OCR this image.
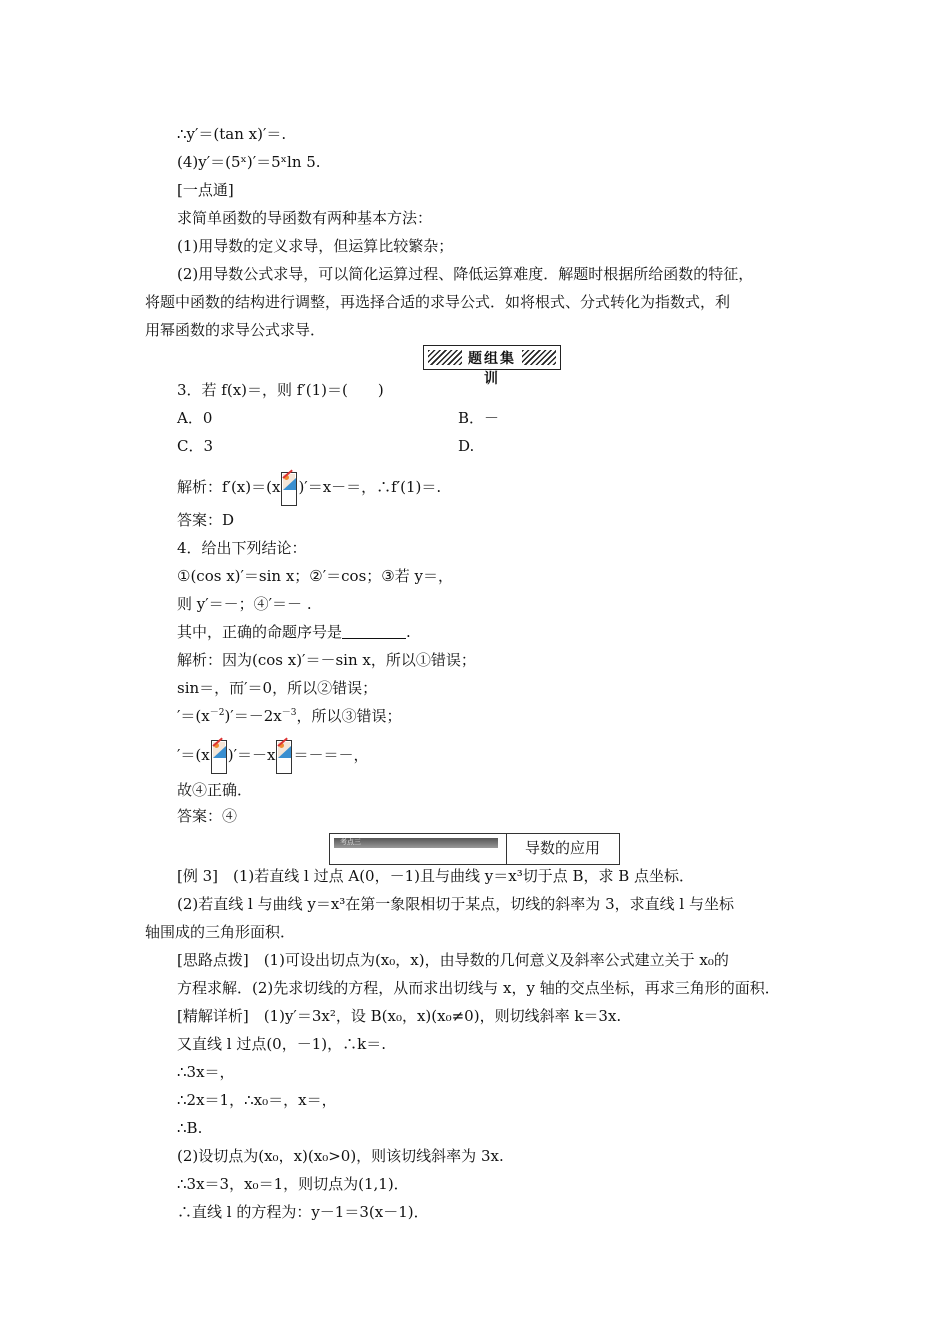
∴y′＝(tan x)′＝.
(4)y′＝(5ˣ)′＝5ˣln 5.
[一点通]
求简单函数的导函数有两种基本方法：
(1)用导数的定义求导，但运算比较繁杂；
(2)用导数公式求导，可以简化运算过程、降低运算难度．解题时根据所给函数的特征，
将题中函数的结构进行调整，再选择合适的求导公式．如将根式、分式转化为指数式，利
用幂函数的求导公式求导．
题组集训
3．若 f(x)＝，则 f′(1)＝(　　)
A．0	B．－
C．3	D.
解析：f′(x)＝(x )′＝x－＝，∴f′(1)＝.
答案：D
4．给出下列结论：
①(cos x)′＝sin x；②′＝cos；③若 y＝，
则 y′＝－；④′＝－ .
其中，正确的命题序号是	.
解析：因为(cos x)′＝－sin x，所以①错误；
sin＝，而′＝0，所以②错误；
$'=(x^{-2})'=-2x^{-3}$，所以③错误；
′＝(x )′＝－x ＝－＝－，
故④正确．
答案：④
考点三	导数的应用
[例 3]　(1)若直线 l 过点 A(0，－1)且与曲线 y＝x³切于点 B，求 B 点坐标．
(2)若直线 l 与曲线 y＝x³在第一象限相切于某点，切线的斜率为 3，求直线 l 与坐标
轴围成的三角形面积．
[思路点拨]　(1)可设出切点为(x₀，x)，由导数的几何意义及斜率公式建立关于 x₀的
方程求解．(2)先求切线的方程，从而求出切线与 x，y 轴的交点坐标，再求三角形的面积．
[精解详析]　(1)y′＝3x²，设 B(x₀，x)(x₀≠0)，则切线斜率 k＝3x.
又直线 l 过点(0，－1)，∴k＝.
∴3x＝，
∴2x＝1，∴x₀＝，x＝，
∴B.
(2)设切点为(x₀，x)(x₀>0)，则该切线斜率为 3x.
∴3x＝3，x₀＝1，则切点为(1,1)．
∴直线 l 的方程为：y－1＝3(x－1)．
